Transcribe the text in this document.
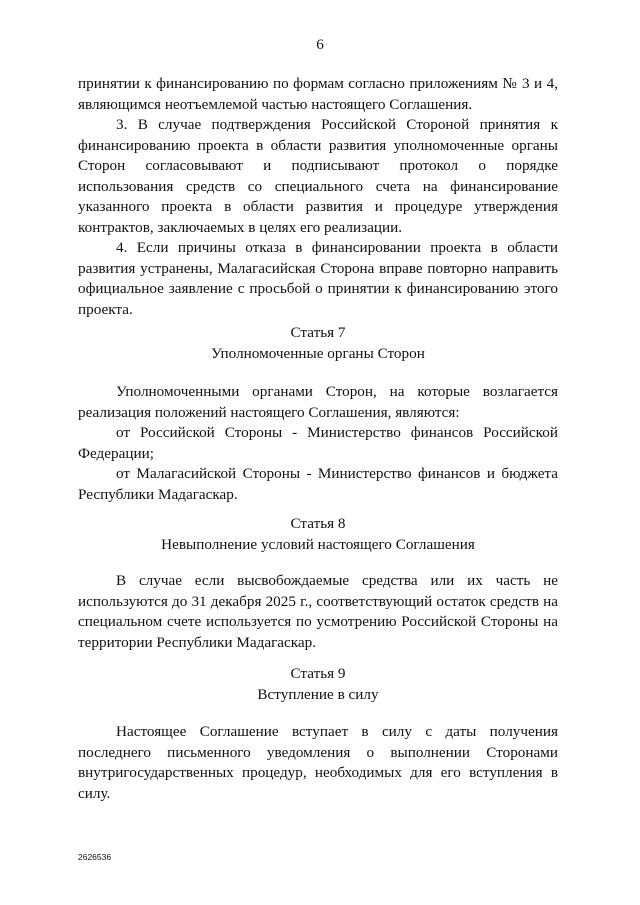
6

принятии к финансированию по формам согласно приложениям № 3 и 4, являющимся неотъемлемой частью настоящего Соглашения.

3. В случае подтверждения Российской Стороной принятия к финансированию проекта в области развития уполномоченные органы Сторон согласовывают и подписывают протокол о порядке использования средств со специального счета на финансирование указанного проекта в области развития и процедуре утверждения контрактов, заключаемых в целях его реализации.

4. Если причины отказа в финансировании проекта в области развития устранены, Малагасийская Сторона вправе повторно направить официальное заявление с просьбой о принятии к финансированию этого проекта.

Статья 7

Уполномоченные органы Сторон

Уполномоченными органами Сторон, на которые возлагается реализация положений настоящего Соглашения, являются:

от Российской Стороны - Министерство финансов Российской Федерации;

от Малагасийской Стороны - Министерство финансов и бюджета Республики Мадагаскар.

Статья 8

Невыполнение условий настоящего Соглашения

В случае если высвобождаемые средства или их часть не используются до 31 декабря 2025 г., соответствующий остаток средств на специальном счете используется по усмотрению Российской Стороны на территории Республики Мадагаскар.

Статья 9

Вступление в силу

Настоящее Соглашение вступает в силу с даты получения последнего письменного уведомления о выполнении Сторонами внутригосударственных процедур, необходимых для его вступления в силу.

2626536
